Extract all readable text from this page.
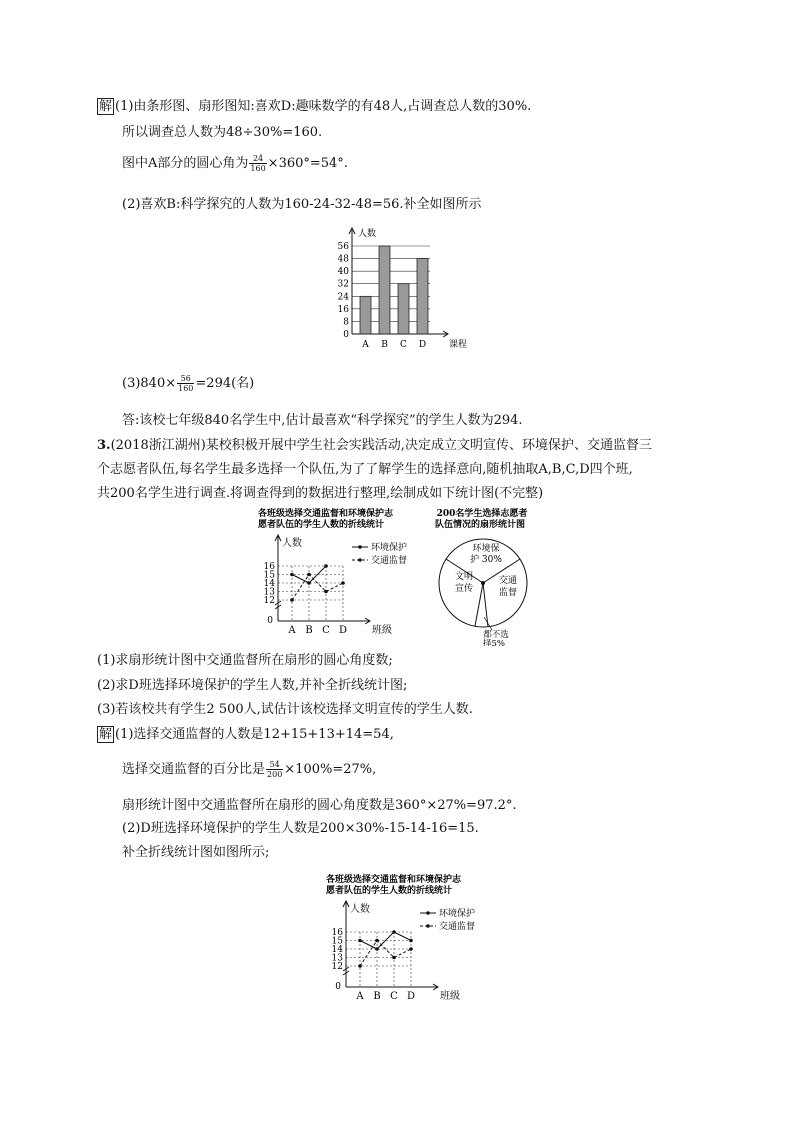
解 (1)由条形图、扇形图知:喜欢D:趣味数学的有48人,占调查总人数的30%.
所以调查总人数为48÷30%=160.
图中A部分的圆心角为 $\frac{24}{160} \times 360^\circ=54^\circ$.
(2)喜欢B:科学探究的人数为160-24-32-48=56.补全如图所示
0
8
16
24
32
40
48
56
人数
课程
A B C D
$(3)840\times \frac{56}{160} =294$(名)
答:该校七年级840名学生中,估计最喜欢“科学探究”的学生人数为294.
3.(2018浙江湖州)某校积极开展中学生社会实践活动,决定成立文明宣传、环境保护、交通监督三
个志愿者队伍,每名学生最多选择一个队伍,为了了解学生的选择意向,随机抽取A,B,C,D四个班,
共200名学生进行调查.将调查得到的数据进行整理,绘制成如下统计图(不完整)
各班级选择交通监督和环境保护志
愿者队伍的学生人数的折线统计
0
人数
班级
12
13
14
15
16
A B C D
环境保护
交通监督
200名学生选择志愿者
队伍情况的扇形统计图
环境保
护 30%
文明
宣传
交通
监督
都不选
择5%
(1)求扇形统计图中交通监督所在扇形的圆心角度数;
(2)求D班选择环境保护的学生人数,并补全折线统计图;
(3)若该校共有学生2 500人,试估计该校选择文明宣传的学生人数.
解 (1)选择交通监督的人数是12+15+13+14=54,
选择交通监督的百分比是 $\frac{54}{200} \times 100\%=27\%$,
扇形统计图中交通监督所在扇形的圆心角度数是360°×27%=97.2°.
(2)D班选择环境保护的学生人数是200×30%-15-14-16=15.
补全折线统计图如图所示;
各班级选择交通监督和环境保护志
愿者队伍的学生人数的折线统计
0
人数
班级
12
13
14
15
16
A B C D
环境保护
交通监督
